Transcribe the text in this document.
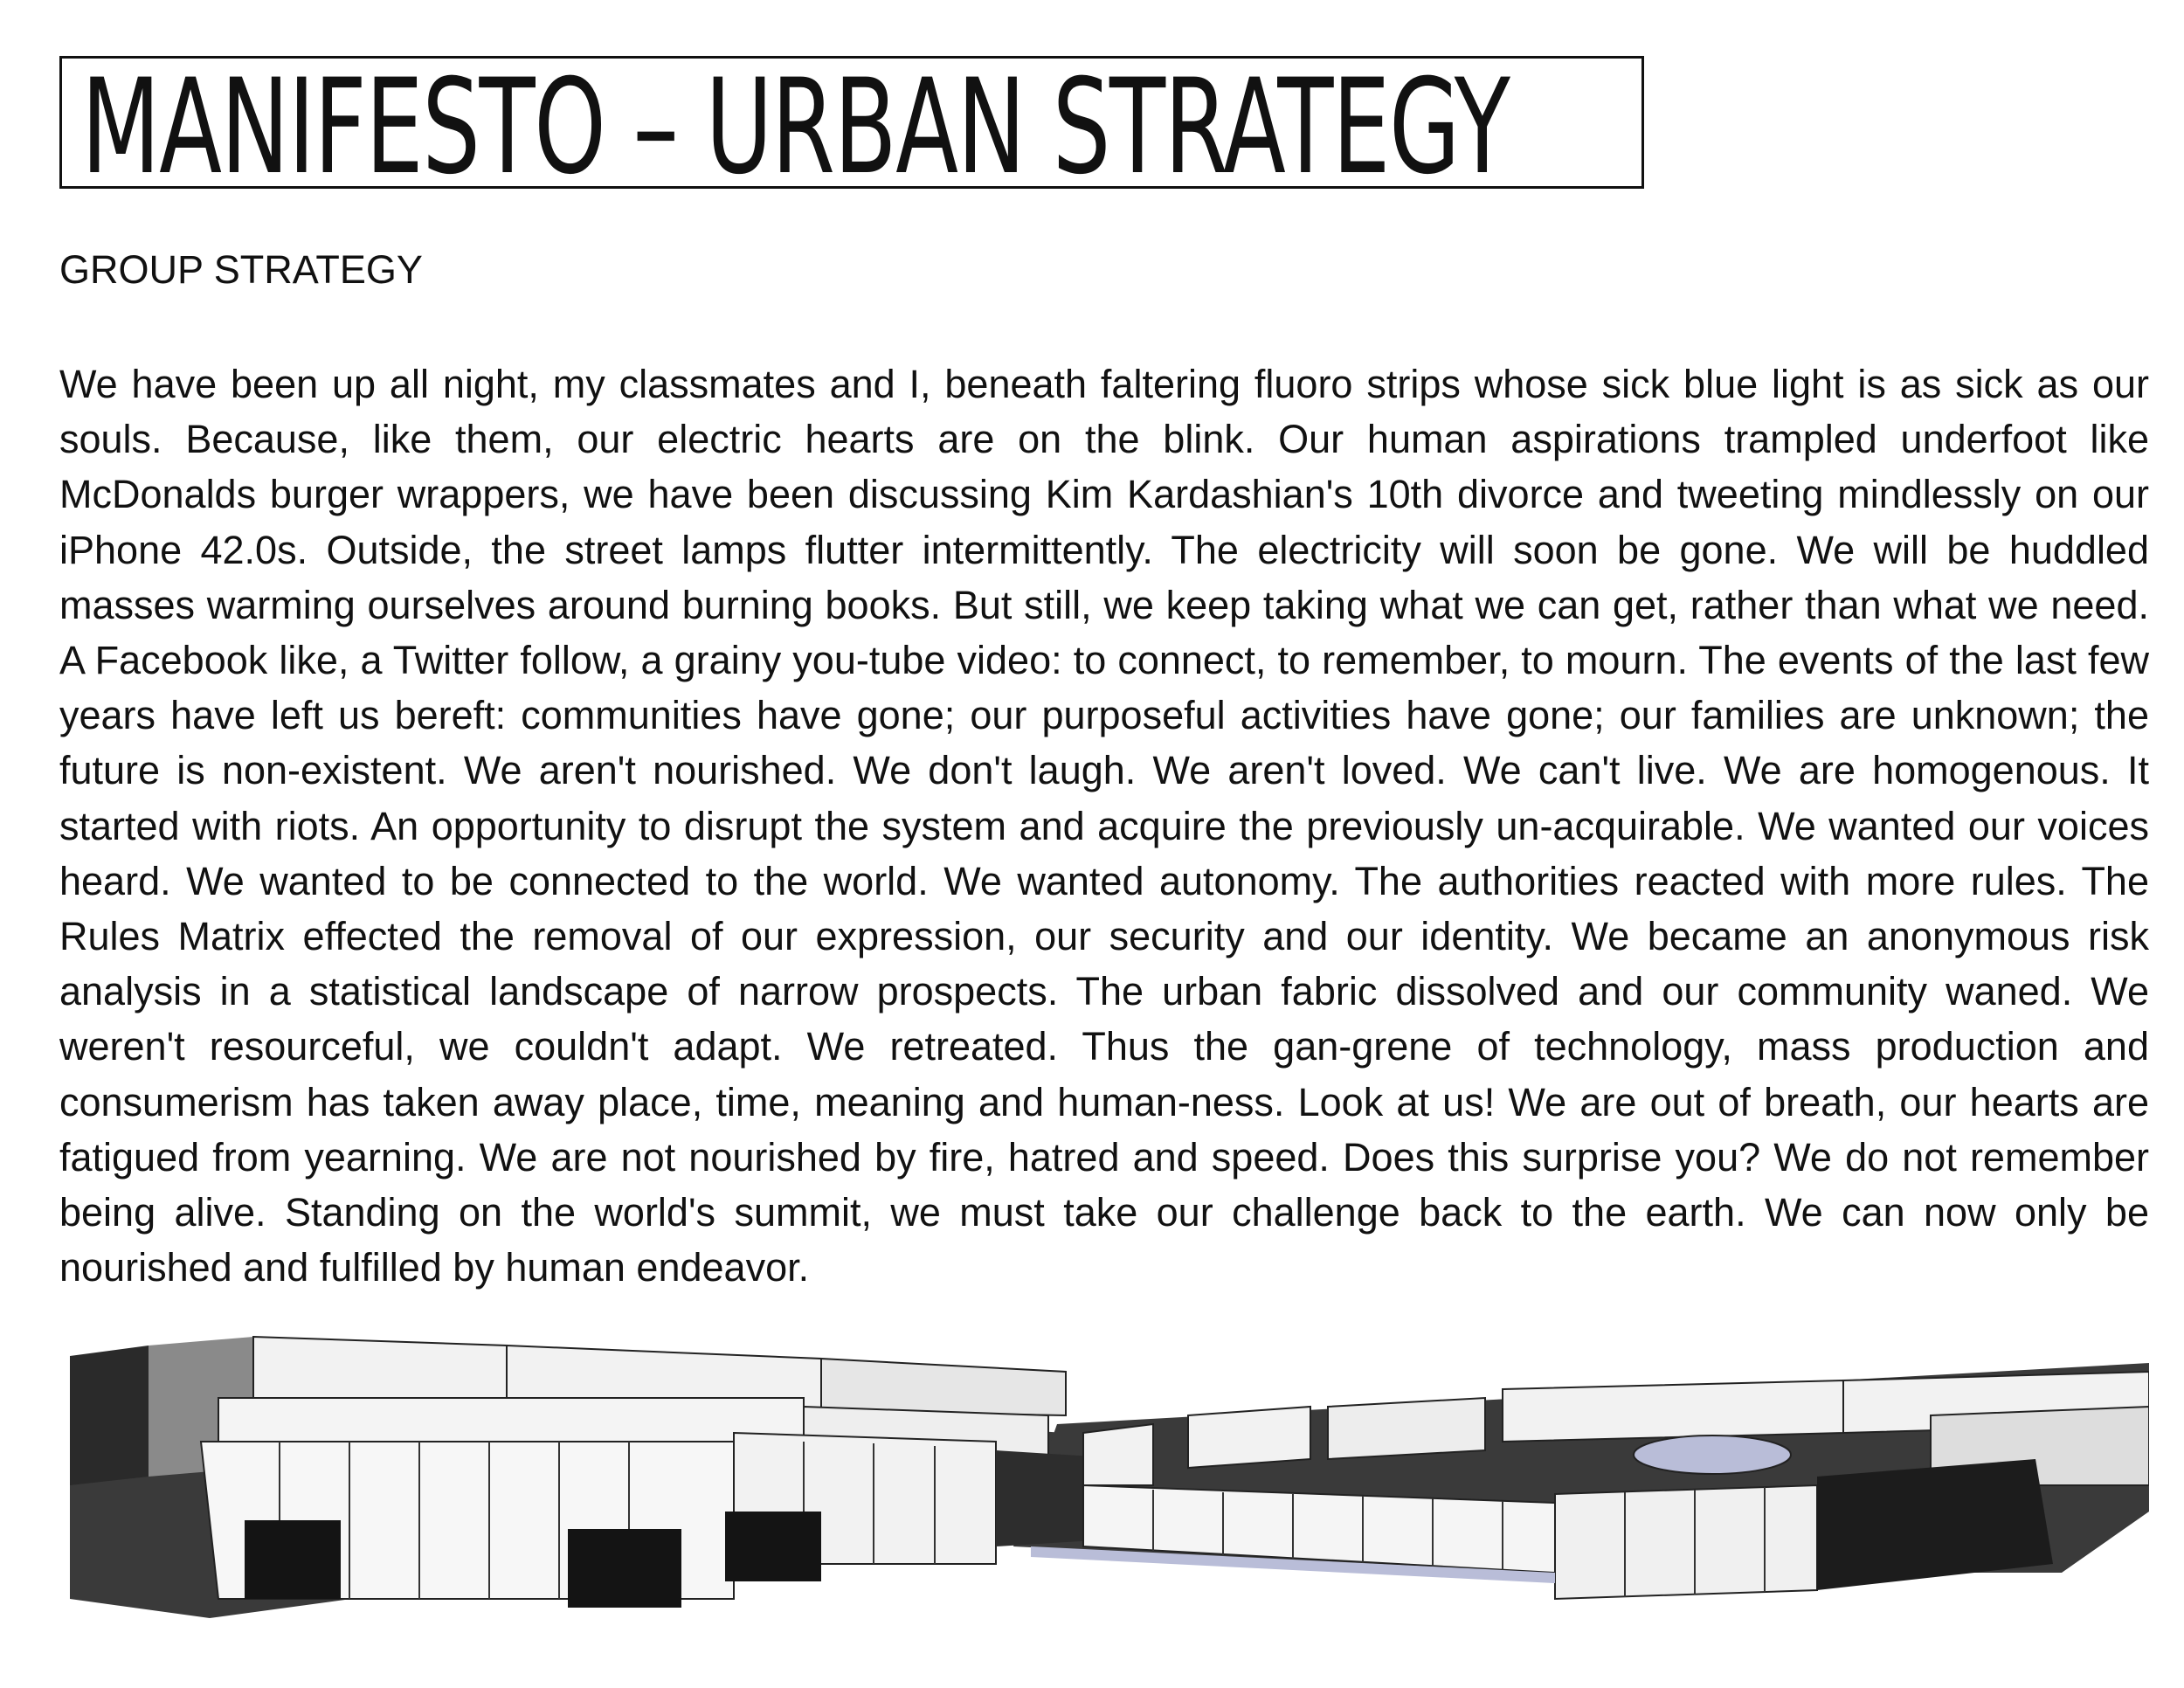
MANIFESTO – URBAN STRATEGY
GROUP STRATEGY

We have been up all night, my classmates and I, beneath faltering fluoro strips whose sick blue light is as sick as our souls. Because, like them, our electric hearts are on the blink. Our human aspirations trampled underfoot like McDonalds burger wrappers, we have been discussing Kim Kardashian's 10th divorce and tweeting mindlessly on our iPhone 42.0s. Outside, the street lamps flutter intermittently. The electricity will soon be gone. We will be huddled masses warming ourselves around burning books. But still, we keep taking what we can get, rather than what we need. A Facebook like, a Twitter follow, a grainy you-tube video: to connect, to remember, to mourn. The events of the last few years have left us bereft: communities have gone; our purposeful activities have gone; our families are unknown; the future is non-existent. We aren't nourished. We don't laugh. We aren't loved. We can't live. We are homogenous. It started with riots. An opportunity to disrupt the system and acquire the previously un-acquirable. We wanted our voices heard. We wanted to be connected to the world. We wanted autonomy. The authorities reacted with more rules. The Rules Matrix effected the removal of our expression, our security and our identity. We became an anonymous risk analysis in a statistical landscape of narrow prospects. The urban fabric dissolved and our community waned. We weren't resourceful, we couldn't adapt. We retreated. Thus the gan-grene of technology, mass production and consumerism has taken away place, time, meaning and human-ness. Look at us! We are out of breath, our hearts are fatigued from yearning. We are not nourished by fire, hatred and speed. Does this surprise you? We do not remember being alive. Standing on the world's summit, we must take our challenge back to the earth. We can now only be nourished and fulfilled by human endeavor.
